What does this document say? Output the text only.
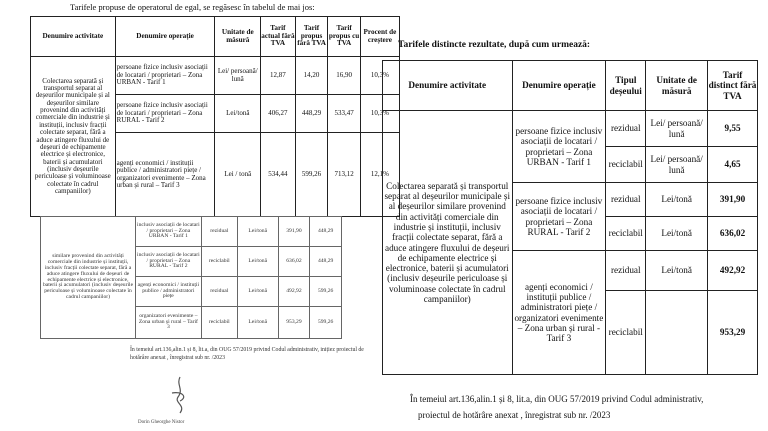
Tarifele propuse de operatorul de egal, se regăsesc în tabelul de mai jos:
Denumire activitate	Denumire operație	Unitate de măsură	Tarif actual fără TVA	Tarif propus fără TVA	Tarif propus cu TVA	Procent de creștere
Colectarea separată și transportul separat al deșeurilor municipale și al deșeurilor similare provenind din activități comerciale din industrie și instituții, inclusiv fracții colectate separat, fără a aduce atingere fluxului de deșeuri de echipamente electrice și electronice, baterii și acumulatori (inclusiv deșeurile periculoase și voluminoase colectate în cadrul campaniilor)	persoane fizice inclusiv asociații de locatari / proprietari – Zona URBAN - Tarif 1	Lei/ persoană/ lună	12,87	14,20	16,90	10,3%
	persoane fizice inclusiv asociații de locatari / proprietari – Zona RURAL - Tarif 2	Lei/tonă	406,27	448,29	533,47	10,3%
	agenți economici / instituții publice / administratori piețe / organizatori evenimente – Zona urban și rural – Tarif 3	Lei / tonă	534,44	599,26	713,12	12,1%
similare provenind din activități comerciale din industrie și instituții, inclusiv fracții colectate separat, fără a aduce atingere fluxului de deșeuri de echipamente electrice și electronice, baterii și acumulatori (inclusiv deșeurile periculoase și voluminoase colectate în cadrul campaniilor)	inclusiv asociații de locatari / proprietari – Zona URBAN - Tarif 1	rezidual	Lei/tonă	391,90	448,29
	inclusiv asociații de locatari / proprietari – Zona RURAL - Tarif 2	reciclabil	Lei/tonă	636,02	448,29
	agenți economici / instituții publice / administratori piețe	rezidual	Lei/tonă	492,92	599,26
	organizatori evenimente – Zona urban și rural – Tarif 3	reciclabil	Lei/tonă	953,29	599,26
În temeiul art.136,alin.1 și 8, lit.a, din OUG 57/2019 privind Codul administrativ, inițiez proiectul de hotărâre anexat , înregistrat sub nr. /2023
Dorin Gheorghe Nistor
Tarifele distincte rezultate, după cum urmează:
Denumire activitate	Denumire operație	Tipul deșeului	Unitate de măsură	Tarif distinct fără TVA
Colectarea separată și transportul separat al deșeurilor municipale și al deșeurilor similare provenind din activități comerciale din industrie și instituții, inclusiv fracții colectate separat, fără a aduce atingere fluxului de deșeuri de echipamente electrice și electronice, baterii și acumulatori (inclusiv deșeurile periculoase și voluminoase colectate în cadrul campaniilor)	persoane fizice inclusiv asociații de locatari / proprietari – Zona URBAN - Tarif 1	rezidual	Lei/ persoană/ lună	9,55
		reciclabil	Lei/ persoană/ lună	4,65
	persoane fizice inclusiv asociații de locatari / proprietari – Zona RURAL - Tarif 2	rezidual	Lei/tonă	391,90
		reciclabil	Lei/tonă	636,02
	agenți economici / instituții publice / administratori piețe / organizatori evenimente – Zona urban și rural - Tarif 3	rezidual	Lei/tonă	492,92
		reciclabil		953,29
În temeiul art.136,alin.1 și 8, lit.a, din OUG 57/2019 privind Codul administrativ,
proiectul de hotărâre anexat , înregistrat sub nr. /2023
